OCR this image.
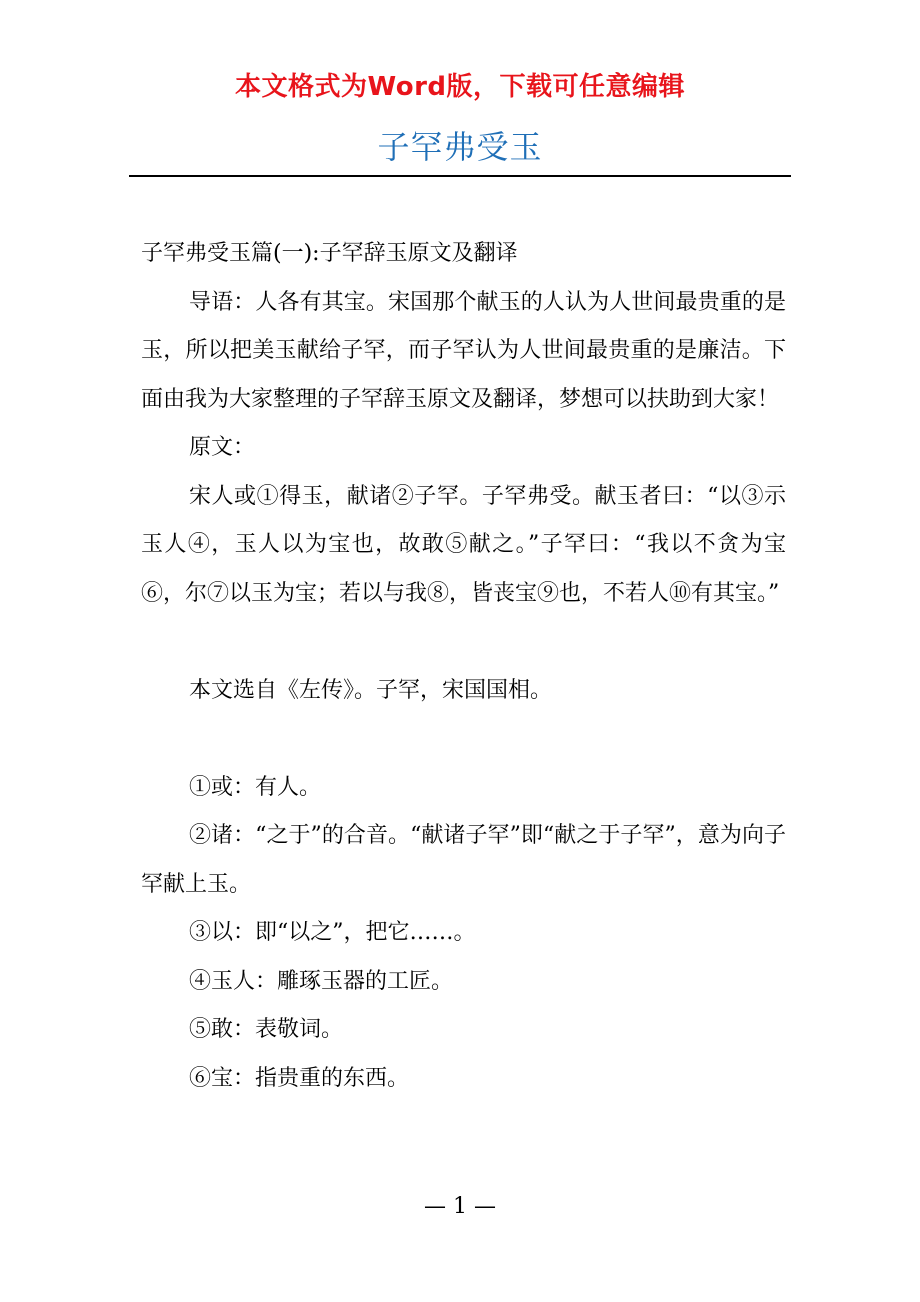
本文格式为Word版，下载可任意编辑
子罕弗受玉

子罕弗受玉篇(一):子罕辞玉原文及翻译

导语：人各有其宝。宋国那个献玉的人认为人世间最贵重的是玉，所以把美玉献给子罕，而子罕认为人世间最贵重的是廉洁。下面由我为大家整理的子罕辞玉原文及翻译，梦想可以扶助到大家！

原文：

宋人或①得玉，献诸②子罕。子罕弗受。献玉者曰：“以③示玉人④，玉人以为宝也，故敢⑤献之。”子罕曰：“我以不贪为宝⑥，尔⑦以玉为宝；若以与我⑧，皆丧宝⑨也，不若人⑩有其宝。”

本文选自《左传》。子罕，宋国国相。

①或：有人。

②诸：“之于”的合音。“献诸子罕”即“献之于子罕”，意为向子罕献上玉。

③以：即“以之”，把它……。

④玉人：雕琢玉器的工匠。

⑤敢：表敬词。

⑥宝：指贵重的东西。

— 1 —
